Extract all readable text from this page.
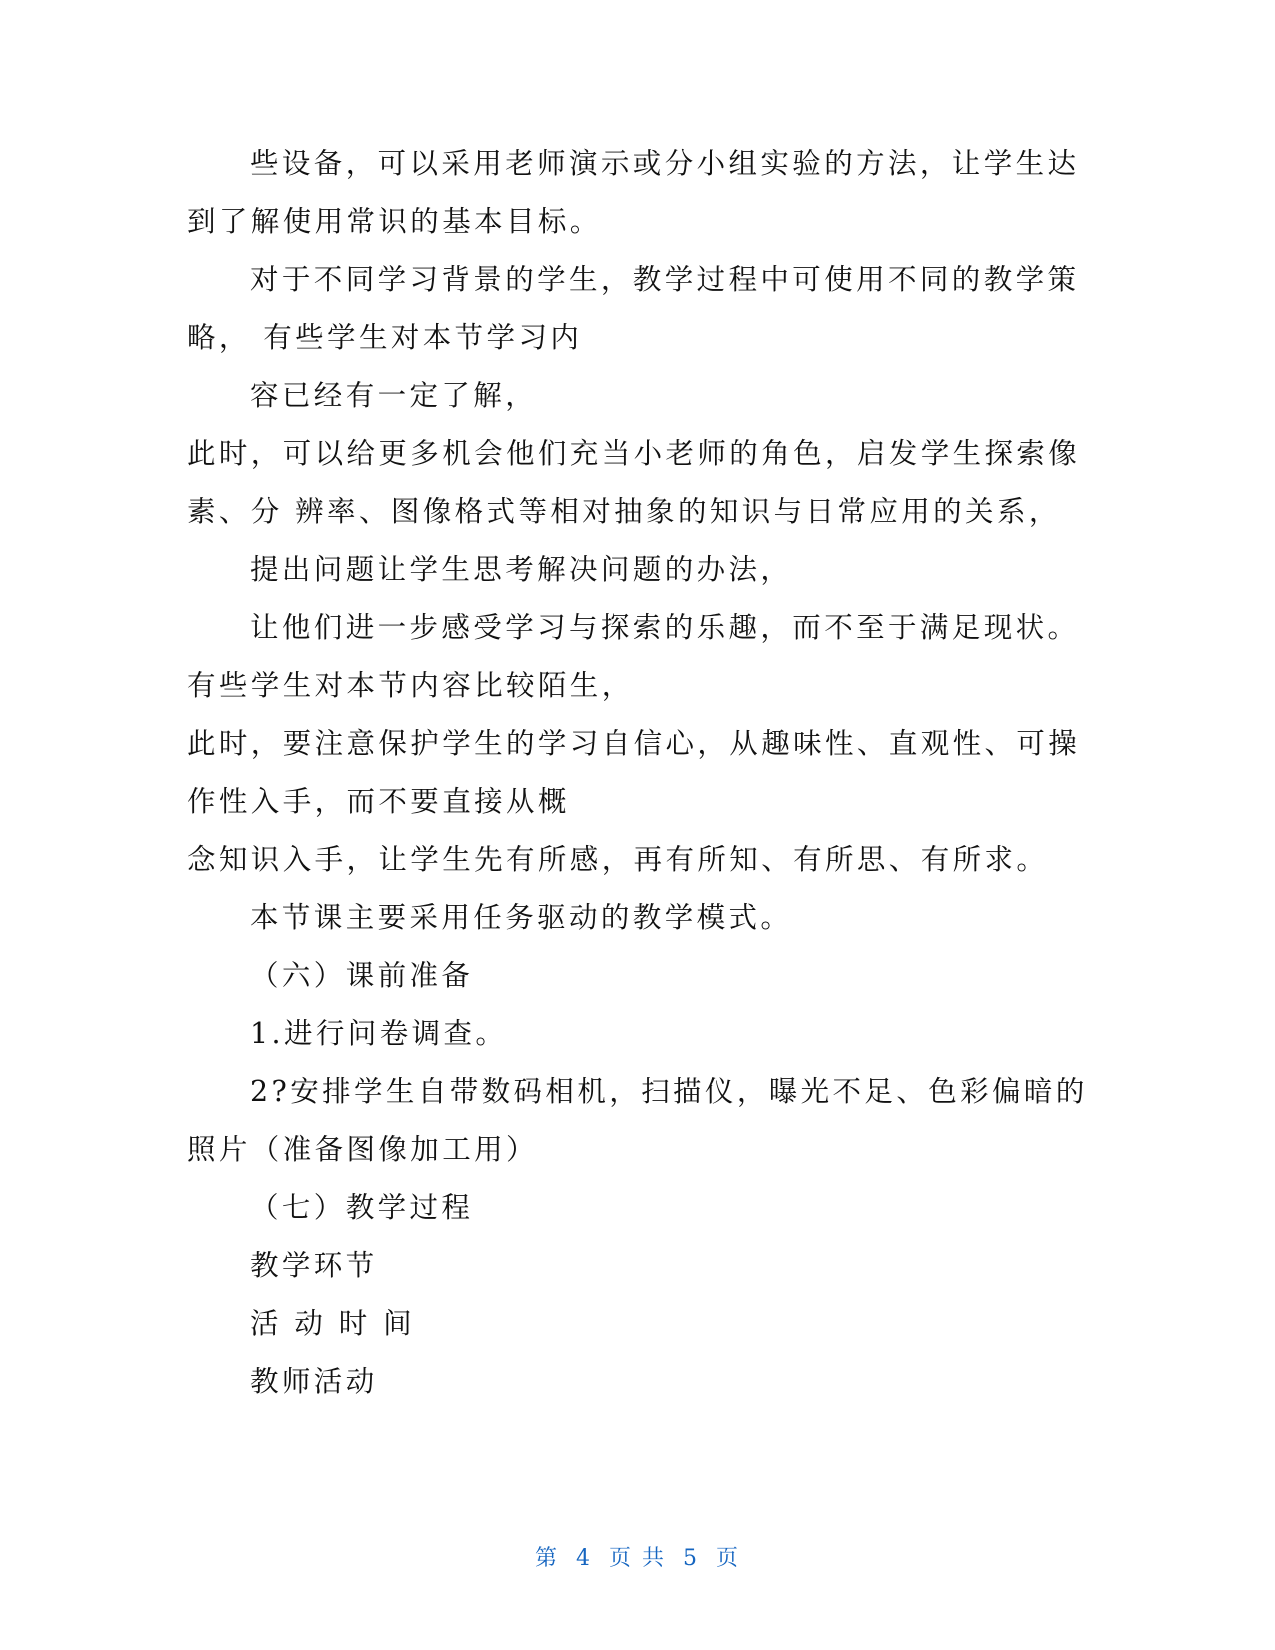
些设备，可以采用老师演示或分小组实验的方法，让学生达
到了解使用常识的基本目标。
对于不同学习背景的学生，教学过程中可使用不同的教学策
略， 有些学生对本节学习内
容已经有一定了解，
此时，可以给更多机会他们充当小老师的角色，启发学生探索像
素、分 辨率、图像格式等相对抽象的知识与日常应用的关系，
提出问题让学生思考解决问题的办法，
让他们进一步感受学习与探索的乐趣，而不至于满足现状。
有些学生对本节内容比较陌生，
此时，要注意保护学生的学习自信心，从趣味性、直观性、可操
作性入手，而不要直接从概
念知识入手，让学生先有所感，再有所知、有所思、有所求。
本节课主要采用任务驱动的教学模式。
（六）课前准备
1.进行问卷调查。
2?安排学生自带数码相机，扫描仪，曝光不足、色彩偏暗的
照片（准备图像加工用）
（七）教学过程
教学环节
活 动 时 间
教师活动
第 4 页 共 5 页
